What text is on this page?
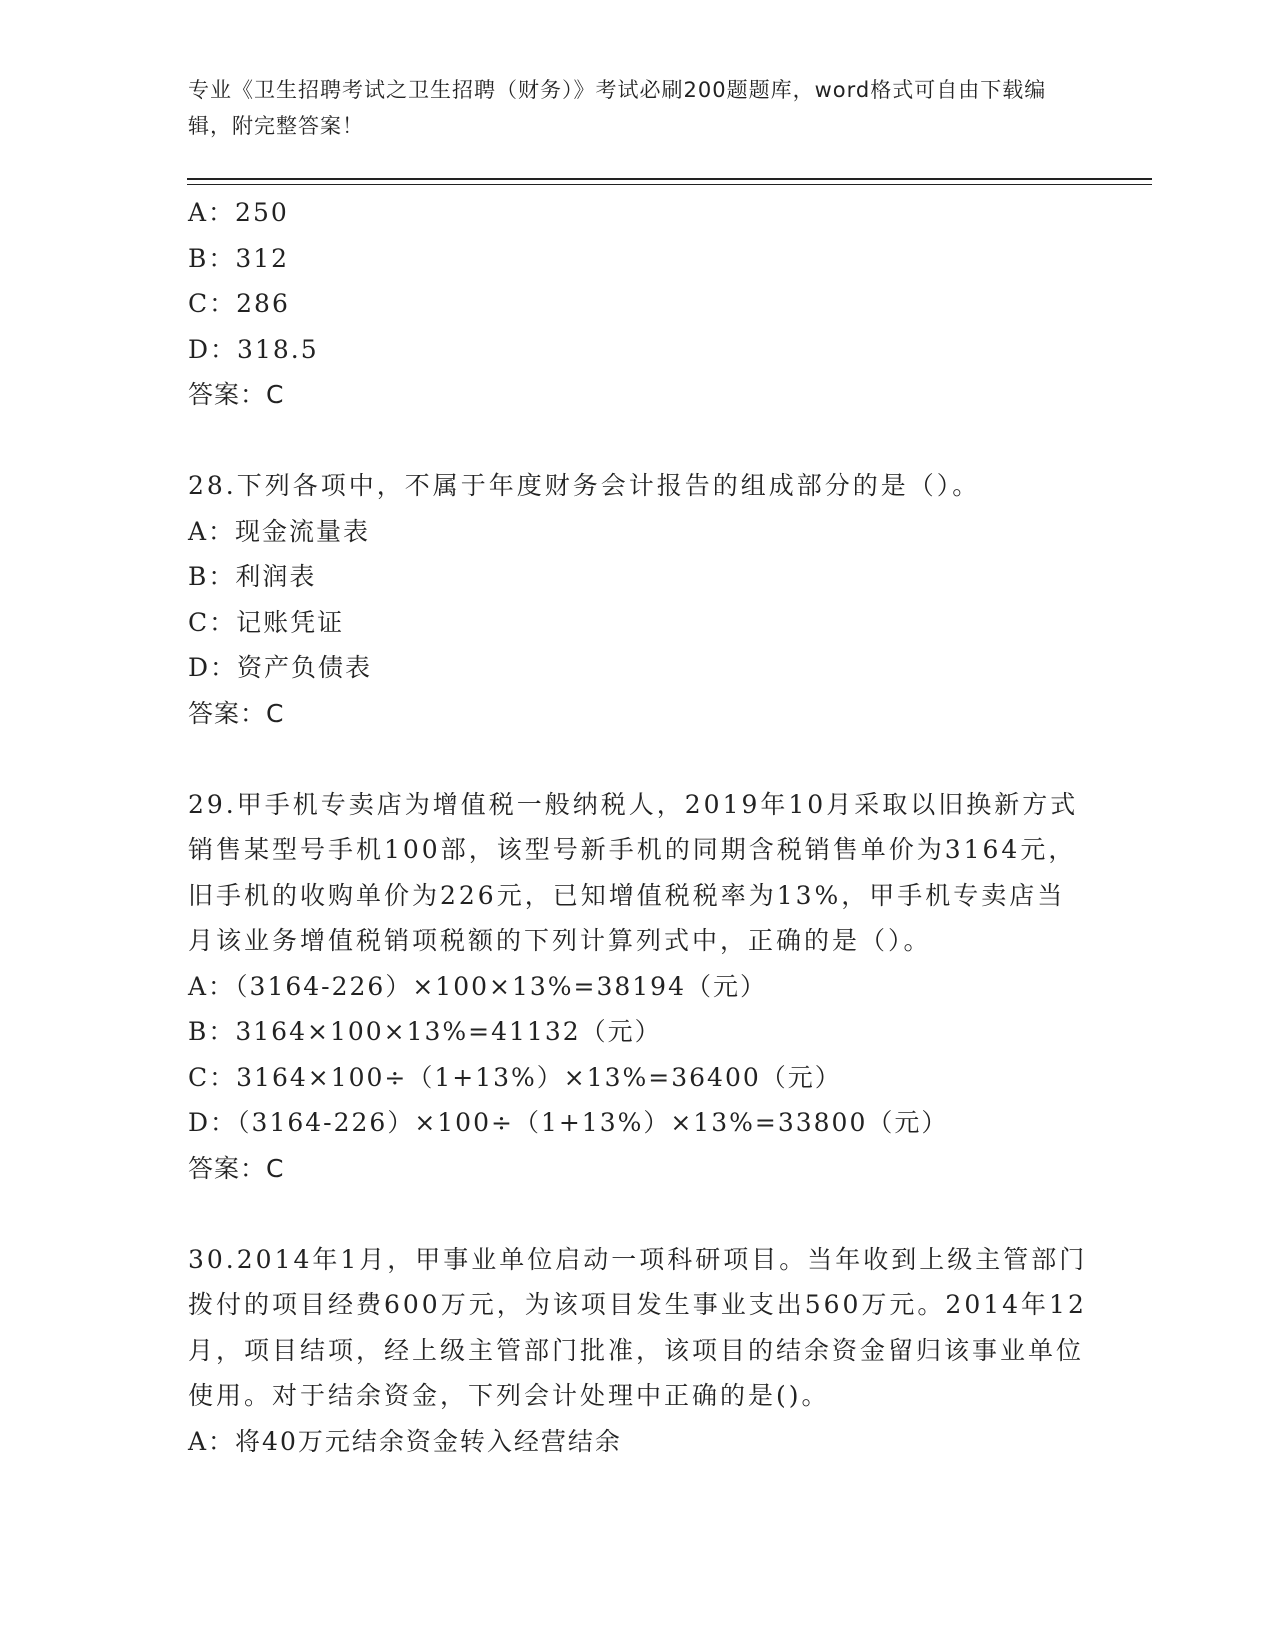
专业《卫生招聘考试之卫生招聘（财务）》考试必刷200题题库，word格式可自由下载编辑，附完整答案！
A：250
B：312
C：286
D：318.5
答案：C
28.下列各项中，不属于年度财务会计报告的组成部分的是（）。
A：现金流量表
B：利润表
C：记账凭证
D：资产负债表
答案：C
29.甲手机专卖店为增值税一般纳税人，2019年10月采取以旧换新方式销售某型号手机100部，该型号新手机的同期含税销售单价为3164元，旧手机的收购单价为226元，已知增值税税率为13%，甲手机专卖店当月该业务增值税销项税额的下列计算列式中，正确的是（）。
A：（3164-226）×100×13%=38194（元）
B：3164×100×13%=41132（元）
C：3164×100÷（1+13%）×13%=36400（元）
D：（3164-226）×100÷（1+13%）×13%=33800（元）
答案：C
30.2014年1月，甲事业单位启动一项科研项目。当年收到上级主管部门拨付的项目经费600万元，为该项目发生事业支出560万元。2014年12月，项目结项，经上级主管部门批准，该项目的结余资金留归该事业单位使用。对于结余资金，下列会计处理中正确的是()。
A：将40万元结余资金转入经营结余
